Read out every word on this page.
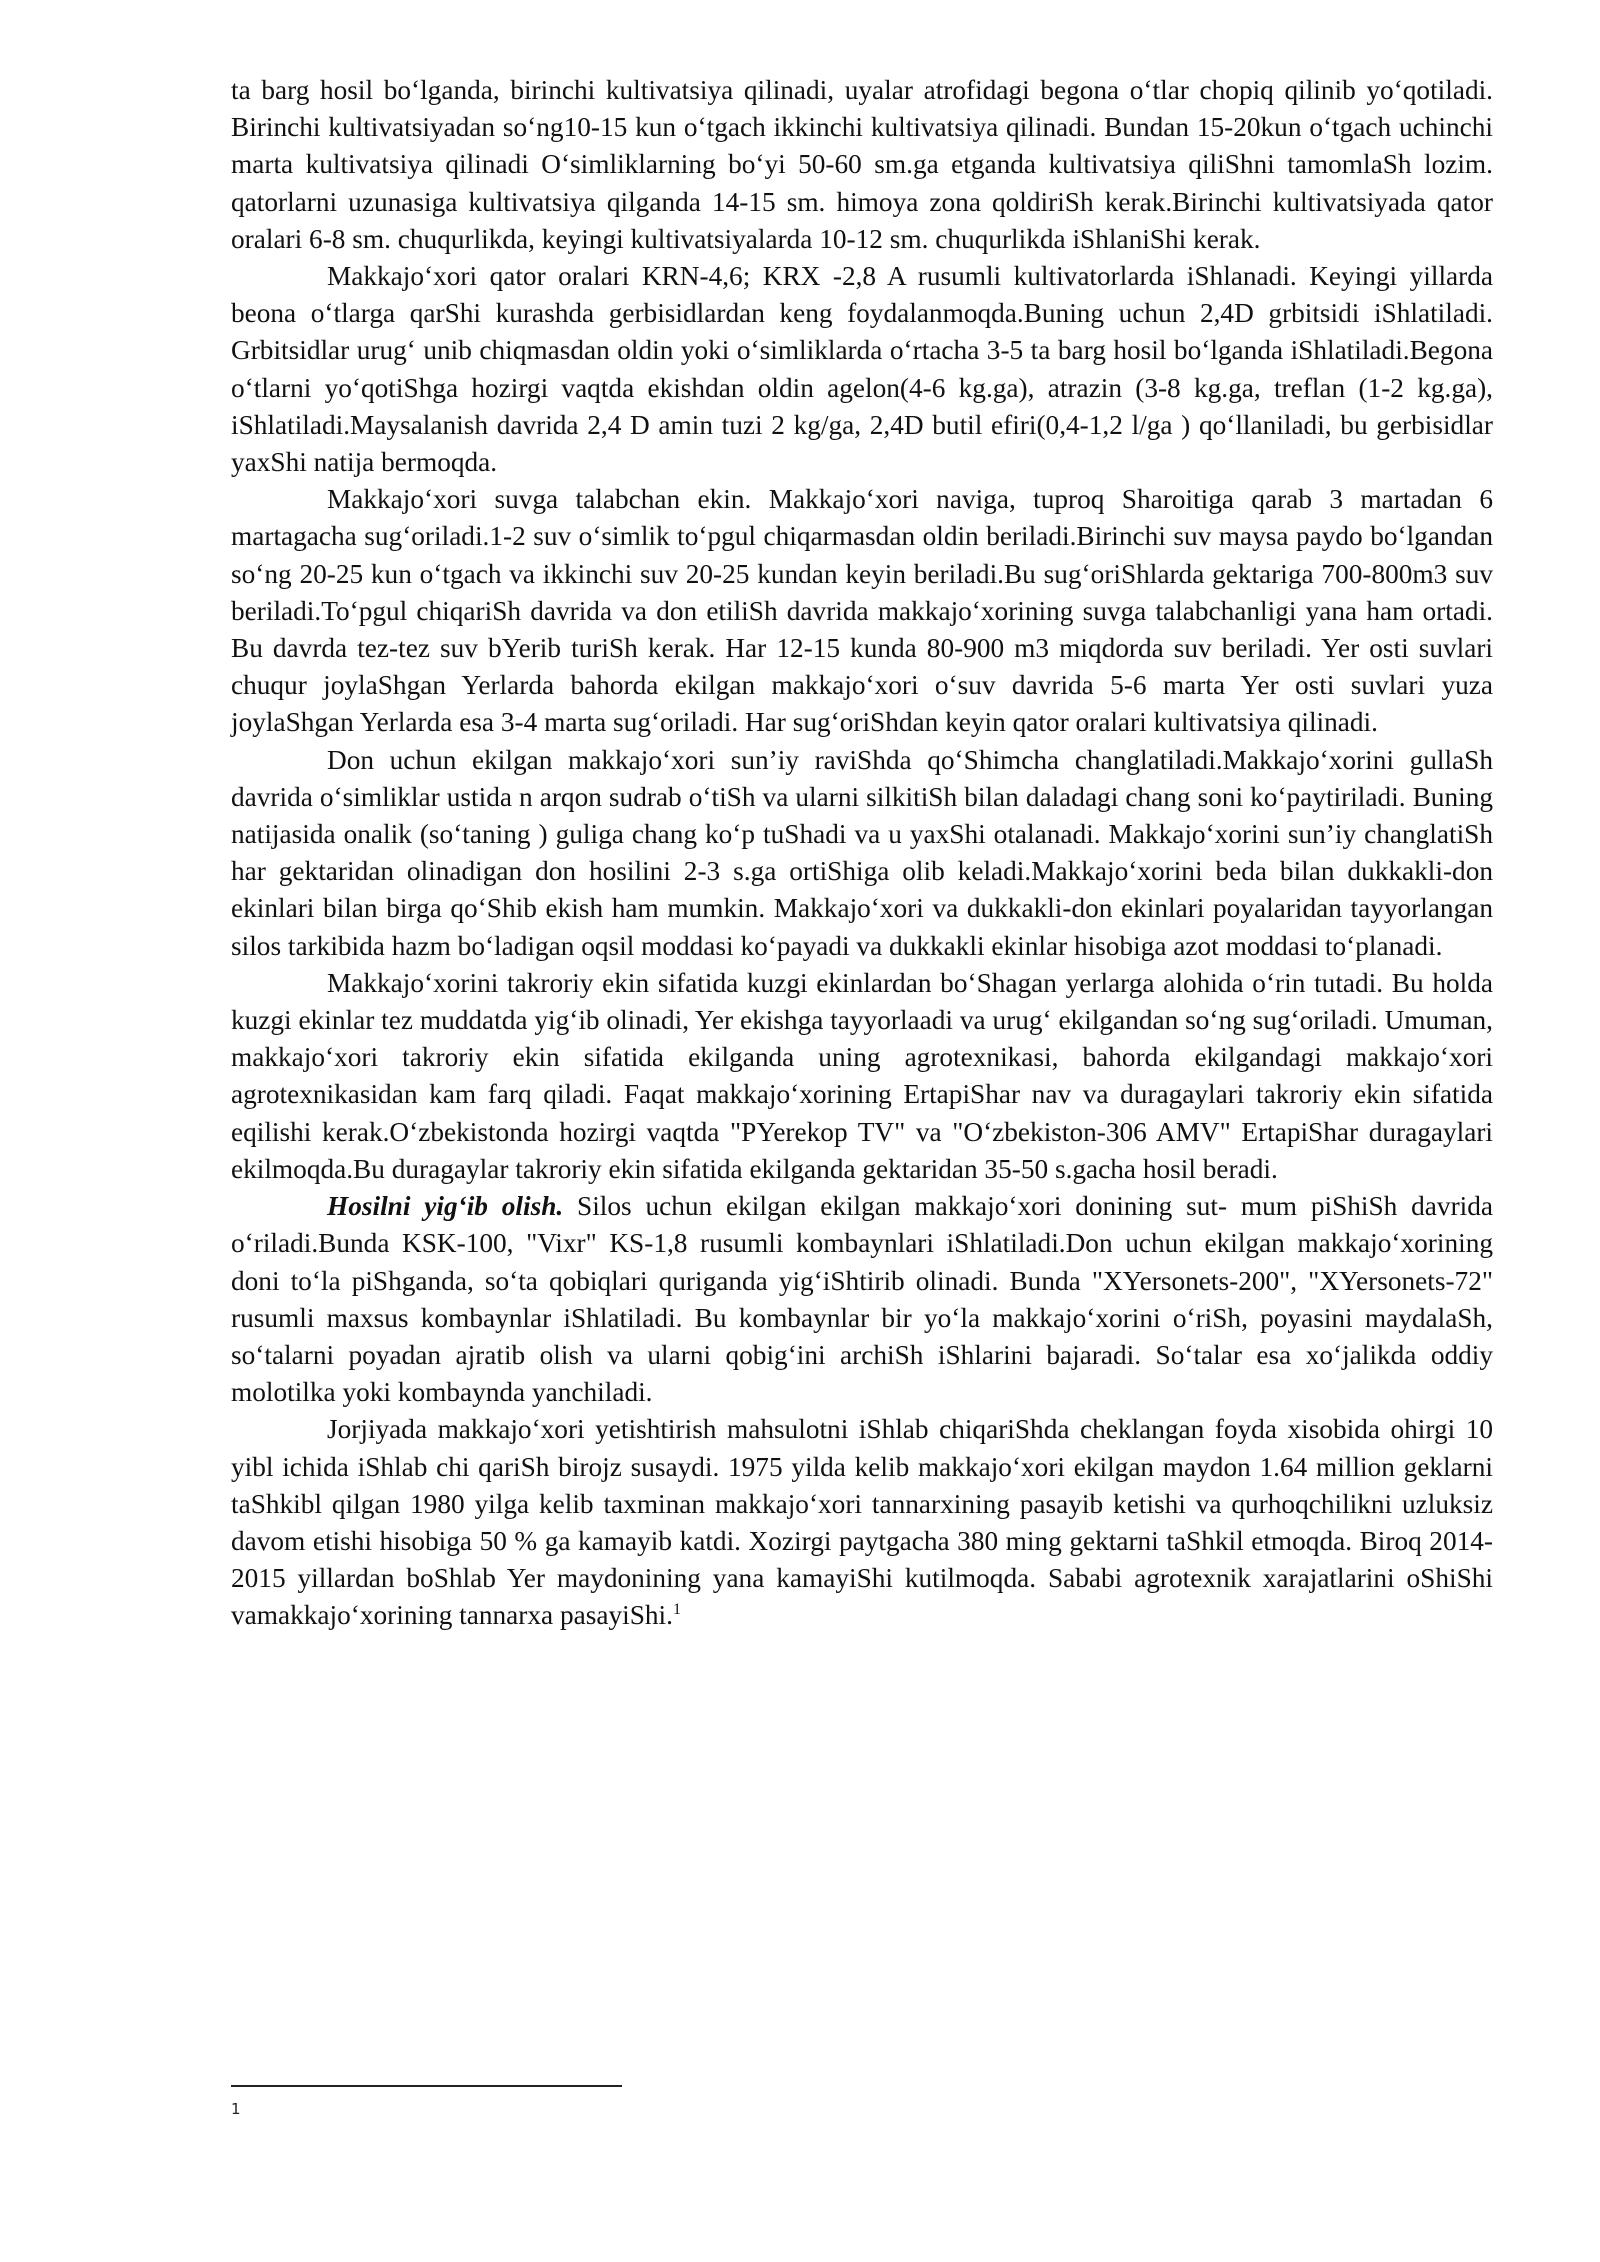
ta barg hosil bo‘lganda, birinchi kultivatsiya qilinadi, uyalar atrofidagi begona o‘tlar chopiq qilinib yo‘qotiladi. Birinchi kultivatsiyadan so‘ng10-15 kun o‘tgach ikkinchi kultivatsiya qilinadi. Bundan 15-20kun o‘tgach uchinchi marta kultivatsiya qilinadi O‘simliklarning bo‘yi 50-60 sm.ga etganda kultivatsiya qiliShni tamomlaSh lozim. qatorlarni uzunasiga kultivatsiya qilganda 14-15 sm. himoya zona qoldiriSh kerak.Birinchi kultivatsiyada qator oralari 6-8 sm. chuqurlikda, keyingi kultivatsiyalarda 10-12 sm. chuqurlikda iShlaniShi kerak.

Makkajo‘xori qator oralari KRN-4,6; KRX -2,8 A rusumli kultivatorlarda iShlanadi. Keyingi yillarda beona o‘tlarga qarShi kurashda gerbisidlardan keng foydalanmoqda.Buning uchun 2,4D grbitsidi iShlatiladi. Grbitsidlar urug‘ unib chiqmasdan oldin yoki o‘simliklarda o‘rtacha 3-5 ta barg hosil bo‘lganda iShlatiladi.Begona o‘tlarni yo‘qotiShga hozirgi vaqtda ekishdan oldin agelon(4-6 kg.ga), atrazin (3-8 kg.ga, treflan (1-2 kg.ga), iShlatiladi.Maysalanish davrida 2,4 D amin tuzi 2 kg/ga, 2,4D butil efiri(0,4-1,2 l/ga ) qo‘llaniladi, bu gerbisidlar yaxShi natija bermoqda.

Makkajo‘xori suvga talabchan ekin. Makkajo‘xori naviga, tuproq Sharoitiga qarab 3 martadan 6 martagacha sug‘oriladi.1-2 suv o‘simlik to‘pgul chiqarmasdan oldin beriladi.Birinchi suv maysa paydo bo‘lgandan so‘ng 20-25 kun o‘tgach va ikkinchi suv 20-25 kundan keyin beriladi.Bu sug‘oriShlarda gektariga 700-800m3 suv beriladi.To‘pgul chiqariSh davrida va don etiliSh davrida makkajo‘xorining suvga talabchanligi yana ham ortadi. Bu davrda tez-tez suv bYerib turiSh kerak. Har 12-15 kunda 80-900 m3 miqdorda suv beriladi. Yer osti suvlari chuqur joylaShgan Yerlarda bahorda ekilgan makkajo‘xori o‘suv davrida 5-6 marta Yer osti suvlari yuza joylaShgan Yerlarda esa 3-4 marta sug‘oriladi. Har sug‘oriShdan keyin qator oralari kultivatsiya qilinadi.

Don uchun ekilgan makkajo‘xori sun’iy raviShda qo‘Shimcha changlatiladi.Makkajo‘xorini gullaSh davrida o‘simliklar ustida n arqon sudrab o‘tiSh va ularni silkitiSh bilan daladagi chang soni ko‘paytiriladi. Buning natijasida onalik (so‘taning ) guliga chang ko‘p tuShadi va u yaxShi otalanadi. Makkajo‘xorini sun’iy changlatiSh har gektaridan olinadigan don hosilini 2-3 s.ga ortiShiga olib keladi.Makkajo‘xorini beda bilan dukkakli-don ekinlari bilan birga qo‘Shib ekish ham mumkin. Makkajo‘xori va dukkakli-don ekinlari poyalaridan tayyorlangan silos tarkibida hazm bo‘ladigan oqsil moddasi ko‘payadi va dukkakli ekinlar hisobiga azot moddasi to‘planadi.

Makkajo‘xorini takroriy ekin sifatida kuzgi ekinlardan bo‘Shagan yerlarga alohida o‘rin tutadi. Bu holda kuzgi ekinlar tez muddatda yig‘ib olinadi, Yer ekishga tayyorlaadi va urug‘ ekilgandan so‘ng sug‘oriladi. Umuman, makkajo‘xori takroriy ekin sifatida ekilganda uning agrotexnikasi, bahorda ekilgandagi makkajo‘xori agrotexnikasidan kam farq qiladi. Faqat makkajo‘xorining ErtapiShar nav va duragaylari takroriy ekin sifatida eqilishi kerak.O‘zbekistonda hozirgi vaqtda "PYerekop TV" va "O‘zbekiston-306 AMV" ErtapiShar duragaylari ekilmoqda.Bu duragaylar takroriy ekin sifatida ekilganda gektaridan 35-50 s.gacha hosil beradi.

Hosilni yig‘ib olish. Silos uchun ekilgan ekilgan makkajo‘xori donining sut- mum piShiSh davrida o‘riladi.Bunda KSK-100, "Vixr" KS-1,8 rusumli kombaynlari iShlatiladi.Don uchun ekilgan makkajo‘xorining doni to‘la piShganda, so‘ta qobiqlari quriganda yig‘iShtirib olinadi. Bunda "XYersonets-200", "XYersonets-72" rusumli maxsus kombaynlar iShlatiladi. Bu kombaynlar bir yo‘la makkajo‘xorini o‘riSh, poyasini maydalaSh, so‘talarni poyadan ajratib olish va ularni qobig‘ini archiSh iShlarini bajaradi. So‘talar esa xo‘jalikda oddiy molotilka yoki kombaynda yanchiladi.

Jorjiyada makkajo‘xori yetishtirish mahsulotni iShlab chiqariShda cheklangan foyda xisobida ohirgi 10 yibl ichida iShlab chi qariSh birojz susaydi. 1975 yilda kelib makkajo‘xori ekilgan maydon 1.64 million geklarni taShkibl qilgan 1980 yilga kelib taxminan makkajo‘xori tannarxining pasayib ketishi va qurhoqchilikni uzluksiz davom etishi hisobiga 50 % ga kamayib katdi. Xozirgi paytgacha 380 ming gektarni taShkil etmoqda. Biroq 2014-2015 yillardan boShlab Yer maydonining yana kamayiShi kutilmoqda. Sababi agrotexnik xarajatlarini oShiShi vamakkajo‘xorining tannarxa pasayiShi.$^1$

1
